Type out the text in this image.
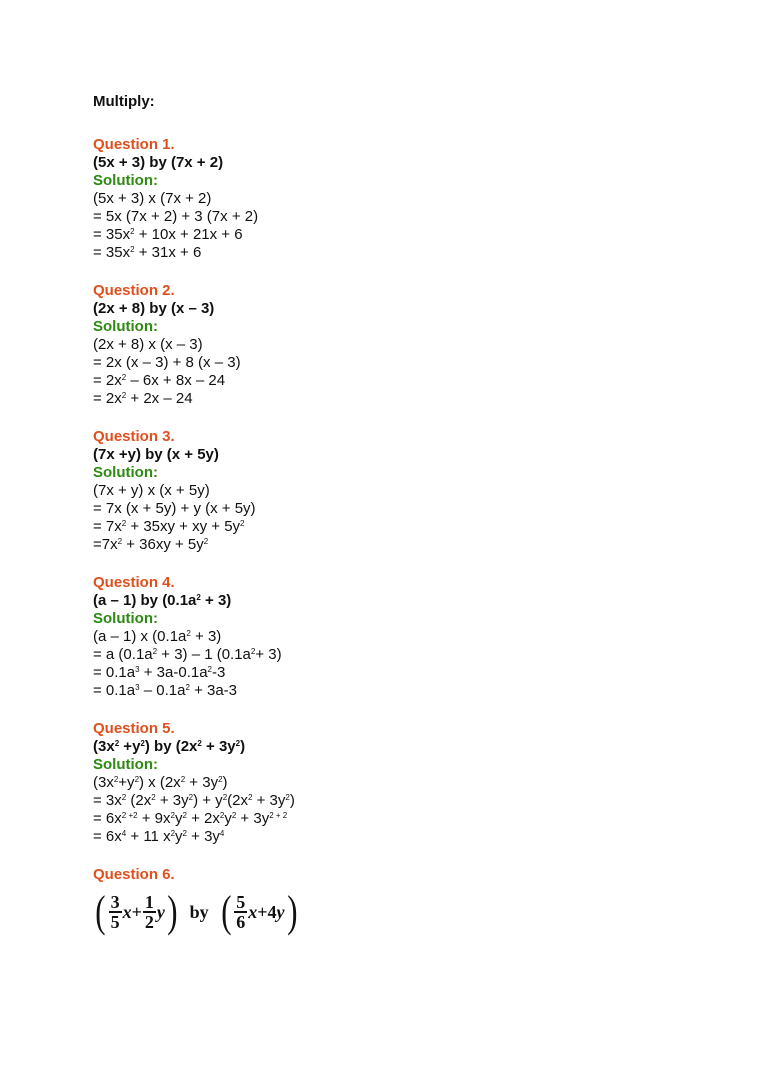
Multiply:
Question 1.
(5x + 3) by (7x + 2)
Solution:
(5x + 3) x (7x + 2)
= 5x (7x + 2) + 3 (7x + 2)
= $35x^2 + 10x + 21x + 6$
= $35x^2 + 31x + 6$
Question 2.
(2x + 8) by (x – 3)
Solution:
(2x + 8) x (x – 3)
= 2x (x – 3) + 8 (x – 3)
= $2x^2 - 6x + 8x - 24$
= $2x^2 + 2x - 24$
Question 3.
(7x +y) by (x + 5y)
Solution:
(7x + y) x (x + 5y)
= 7x (x + 5y) + y (x + 5y)
= $7x^2 + 35xy$ + xy + $5y^2$
$=7x^2 + 36xy + 5y^2$
Question 4.
(a – 1) by $(0.1a^2 + 3)$
Solution:
(a – 1) x $(0.1a^2 + 3)$
= a $(0.1a^2 + 3) - 1$ $(0.1a^2+ 3)$
= $0.1a^3 + 3a-0.1a^2-3$
= $0.1a^3 - 0.1a^2 + 3a-3$
Question 5.
$(3x^2 +y^2)$ by $(2x^2 + 3y^2)$
Solution:
$(3x^2+y^2)$ x $(2x^2 + 3y^2)$
= $3x^2$ $(2x^2 + 3y^2) + y^2(2x^2 + 3y^2)$
= $6x^{2 +2} + 9x^2y^2 + 2x^2y^2 + 3y^{2 + 2}$
= $6x^4 + 11$ $x^2y^2 + 3y^4$
Question 6.
( $\frac{3}{5}$ $x + \frac{1}{2}$ y ) by ( $\frac{5}{6}$ x + 4 y )
